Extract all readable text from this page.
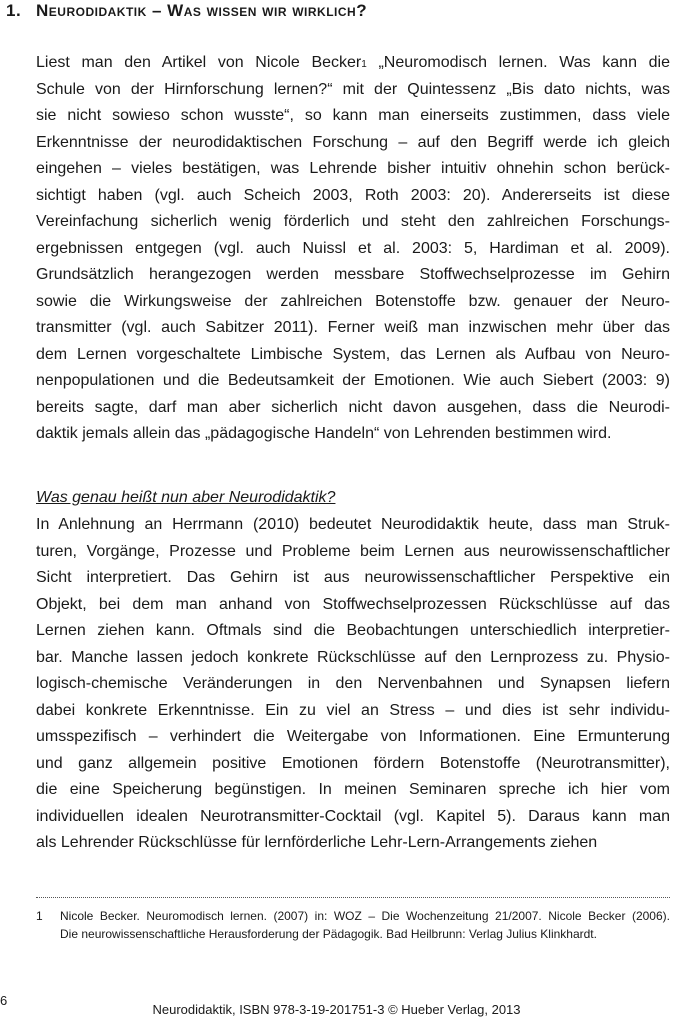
1. Neurodidaktik – Was wissen wir wirklich?
Liest man den Artikel von Nicole Becker$^1$ „Neuromodisch lernen. Was kann die
Schule von der Hirnforschung lernen?“ mit der Quintessenz „Bis dato nichts, was
sie nicht sowieso schon wusste“, so kann man einerseits zustimmen, dass viele
Erkenntnisse der neurodidaktischen Forschung – auf den Begriff werde ich gleich
eingehen – vieles bestätigen, was Lehrende bisher intuitiv ohnehin schon berück-
sichtigt haben (vgl. auch Scheich 2003, Roth 2003: 20). Andererseits ist diese
Vereinfachung sicherlich wenig förderlich und steht den zahlreichen Forschungs-
ergebnissen entgegen (vgl. auch Nuissl et al. 2003: 5, Hardiman et al. 2009).
Grundsätzlich herangezogen werden messbare Stoffwechselprozesse im Gehirn
sowie die Wirkungsweise der zahlreichen Botenstoffe bzw. genauer der Neuro-
transmitter (vgl. auch Sabitzer 2011). Ferner weiß man inzwischen mehr über das
dem Lernen vorgeschaltete Limbische System, das Lernen als Aufbau von Neuro-
nenpopulationen und die Bedeutsamkeit der Emotionen. Wie auch Siebert (2003: 9)
bereits sagte, darf man aber sicherlich nicht davon ausgehen, dass die Neurodi-
daktik jemals allein das „pädagogische Handeln“ von Lehrenden bestimmen wird.
Was genau heißt nun aber Neurodidaktik?
In Anlehnung an Herrmann (2010) bedeutet Neurodidaktik heute, dass man Struk-
turen, Vorgänge, Prozesse und Probleme beim Lernen aus neurowissenschaftlicher
Sicht interpretiert. Das Gehirn ist aus neurowissenschaftlicher Perspektive ein
Objekt, bei dem man anhand von Stoffwechselprozessen Rückschlüsse auf das
Lernen ziehen kann. Oftmals sind die Beobachtungen unterschiedlich interpretier-
bar. Manche lassen jedoch konkrete Rückschlüsse auf den Lernprozess zu. Physio-
logisch-chemische Veränderungen in den Nervenbahnen und Synapsen liefern
dabei konkrete Erkenntnisse. Ein zu viel an Stress – und dies ist sehr individu-
umsspezifisch – verhindert die Weitergabe von Informationen. Eine Ermunterung
und ganz allgemein positive Emotionen fördern Botenstoffe (Neurotransmitter),
die eine Speicherung begünstigen. In meinen Seminaren spreche ich hier vom
individuellen idealen Neurotransmitter-Cocktail (vgl. Kapitel 5). Daraus kann man
als Lehrender Rückschlüsse für lernförderliche Lehr-Lern-Arrangements ziehen
1 Nicole Becker. Neuromodisch lernen. (2007) in: WOZ – Die Wochenzeitung 21/2007. Nicole Becker (2006).
Die neurowissenschaftliche Herausforderung der Pädagogik. Bad Heilbrunn: Verlag Julius Klinkhardt.
6
Neurodidaktik, ISBN 978-3-19-201751-3 © Hueber Verlag, 2013
